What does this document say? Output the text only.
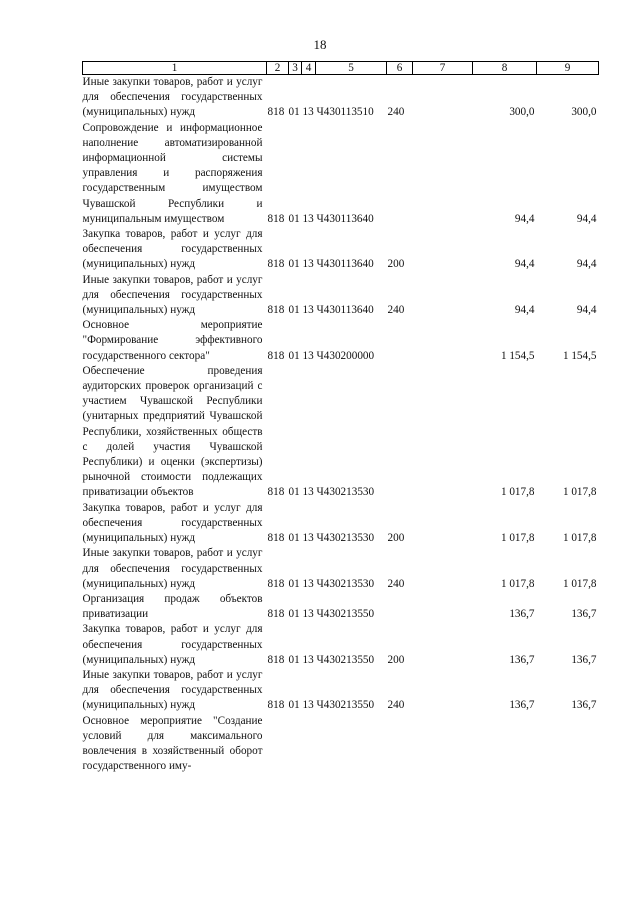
18
1	2	3	4	5	6	7	8	9
Иные закупки товаров, работ и услуг для обеспечения государственных (муниципальных) нужд	818	01	13	Ч430113510	240		300,0	300,0
Сопровождение и информационное наполнение автоматизированной информационной системы управления и распоряжения государственным имуществом Чувашской Республики и муниципальным имуществом	818	01	13	Ч430113640			94,4	94,4
Закупка товаров, работ и услуг для обеспечения государственных (муниципальных) нужд	818	01	13	Ч430113640	200		94,4	94,4
Иные закупки товаров, работ и услуг для обеспечения государственных (муниципальных) нужд	818	01	13	Ч430113640	240		94,4	94,4
Основное мероприятие "Формирование эффективного государственного сектора"	818	01	13	Ч430200000			1 154,5	1 154,5
Обеспечение проведения аудиторских проверок организаций с участием Чувашской Республики (унитарных предприятий Чувашской Республики, хозяйственных обществ с долей участия Чувашской Республики) и оценки (экспертизы) рыночной стоимости подлежащих приватизации объектов	818	01	13	Ч430213530			1 017,8	1 017,8
Закупка товаров, работ и услуг для обеспечения государственных (муниципальных) нужд	818	01	13	Ч430213530	200		1 017,8	1 017,8
Иные закупки товаров, работ и услуг для обеспечения государственных (муниципальных) нужд	818	01	13	Ч430213530	240		1 017,8	1 017,8
Организация продаж объектов приватизации	818	01	13	Ч430213550			136,7	136,7
Закупка товаров, работ и услуг для обеспечения государственных (муниципальных) нужд	818	01	13	Ч430213550	200		136,7	136,7
Иные закупки товаров, работ и услуг для обеспечения государственных (муниципальных) нужд	818	01	13	Ч430213550	240		136,7	136,7
Основное мероприятие "Создание условий для максимального вовлечения в хозяйственный оборот государственного иму-								
